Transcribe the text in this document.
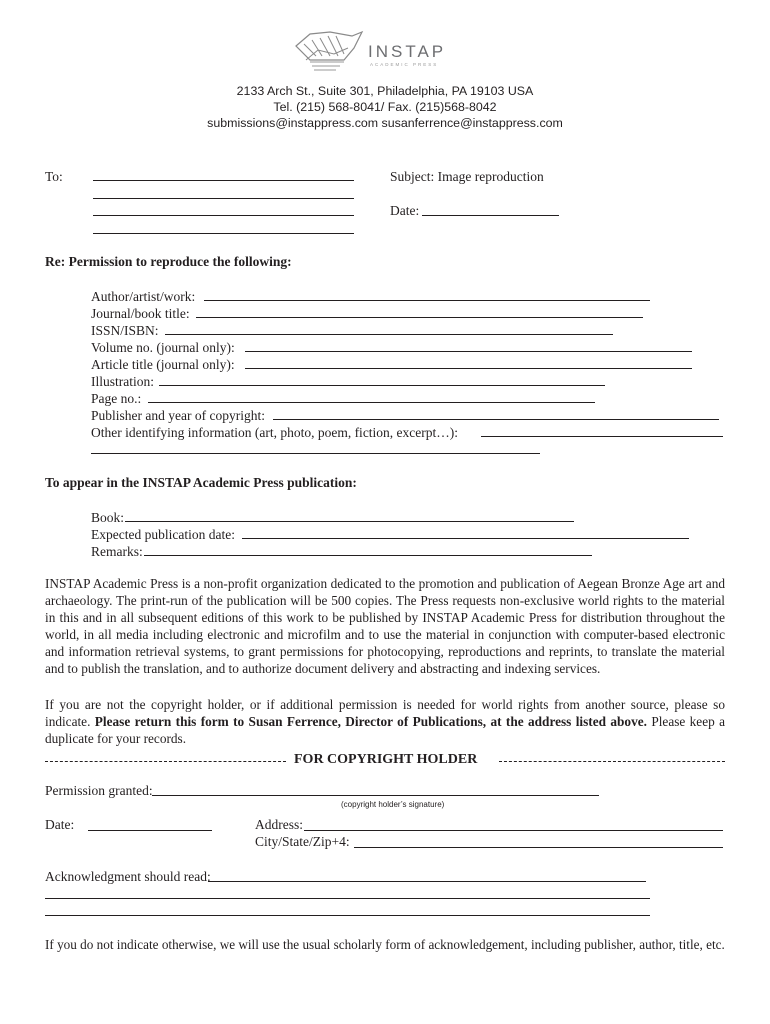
INSTAP
ACADEMIC PRESS
2133 Arch St., Suite 301, Philadelphia, PA 19103 USA
Tel. (215) 568-8041/ Fax. (215)568-8042
submissions@instappress.com susanferrence@instappress.com
To:	Subject: Image reproduction
Date:
Re: Permission to reproduce the following:
Author/artist/work:
Journal/book title:
ISSN/ISBN:
Volume no. (journal only):
Article title (journal only):
Illustration:
Page no.:
Publisher and year of copyright:
Other identifying information (art, photo, poem, fiction, excerpt…):
To appear in the INSTAP Academic Press publication:
Book:
Expected publication date:
Remarks:
INSTAP Academic Press is a non-profit organization dedicated to the promotion and publication of Aegean Bronze Age art and archaeology. The print-run of the publication will be 500 copies. The Press requests non-exclusive world rights to the material in this and in all subsequent editions of this work to be published by INSTAP Academic Press for distribution throughout the world, in all media including electronic and microfilm and to use the material in conjunction with computer-based electronic and information retrieval systems, to grant permissions for photocopying, reproductions and reprints, to translate the material and to publish the translation, and to authorize document delivery and abstracting and indexing services.
If you are not the copyright holder, or if additional permission is needed for world rights from another source, please so indicate. Please return this form to Susan Ferrence, Director of Publications, at the address listed above. Please keep a duplicate for your records.
FOR COPYRIGHT HOLDER
Permission granted:
(copyright holder’s signature)
Date:	Address:
City/State/Zip+4:
Acknowledgment should read:
If you do not indicate otherwise, we will use the usual scholarly form of acknowledgement, including publisher, author, title, etc.
